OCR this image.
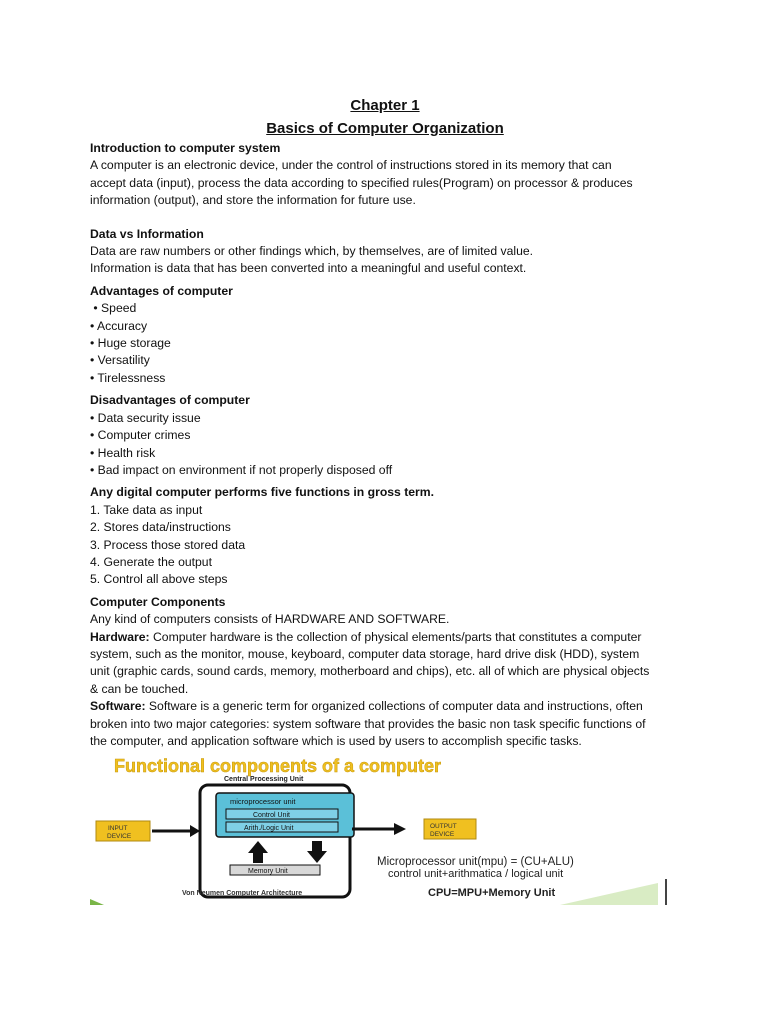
Chapter 1
Basics of Computer Organization
Introduction to computer system
A computer is an electronic device, under the control of instructions stored in its memory that can
accept data (input), process the data according to specified rules(Program) on processor & produces
information (output), and store the information for future use.
Data vs Information
Data are raw numbers or other findings which, by themselves, are of limited value.
Information is data that has been converted into a meaningful and useful context.
Advantages of computer
• Speed
• Accuracy
• Huge storage
• Versatility
• Tirelessness
Disadvantages of computer
• Data security issue
• Computer crimes
• Health risk
• Bad impact on environment if not properly disposed off
Any digital computer performs five functions in gross term.
1. Take data as input
2. Stores data/instructions
3. Process those stored data
4. Generate the output
5. Control all above steps
Computer Components
Any kind of computers consists of HARDWARE AND SOFTWARE.
Hardware: Computer hardware is the collection of physical elements/parts that constitutes a computer
system, such as the monitor, mouse, keyboard, computer data storage, hard drive disk (HDD), system
unit (graphic cards, sound cards, memory, motherboard and chips), etc. all of which are physical objects
& can be touched.
Software: Software is a generic term for organized collections of computer data and instructions, often
broken into two major categories: system software that provides the basic non task specific functions of
the computer, and application software which is used by users to accomplish specific tasks.
Functional components of a computer
Central Processing Unit
microprocessor unit
Control Unit
Arith./Logic Unit
Memory Unit
INPUT
DEVICE
OUTPUT
DEVICE
Von Neumen Computer Architecture
Microprocessor unit(mpu) = (CU+ALU)
control unit+arithmatica / logical unit
CPU=MPU+Memory Unit
